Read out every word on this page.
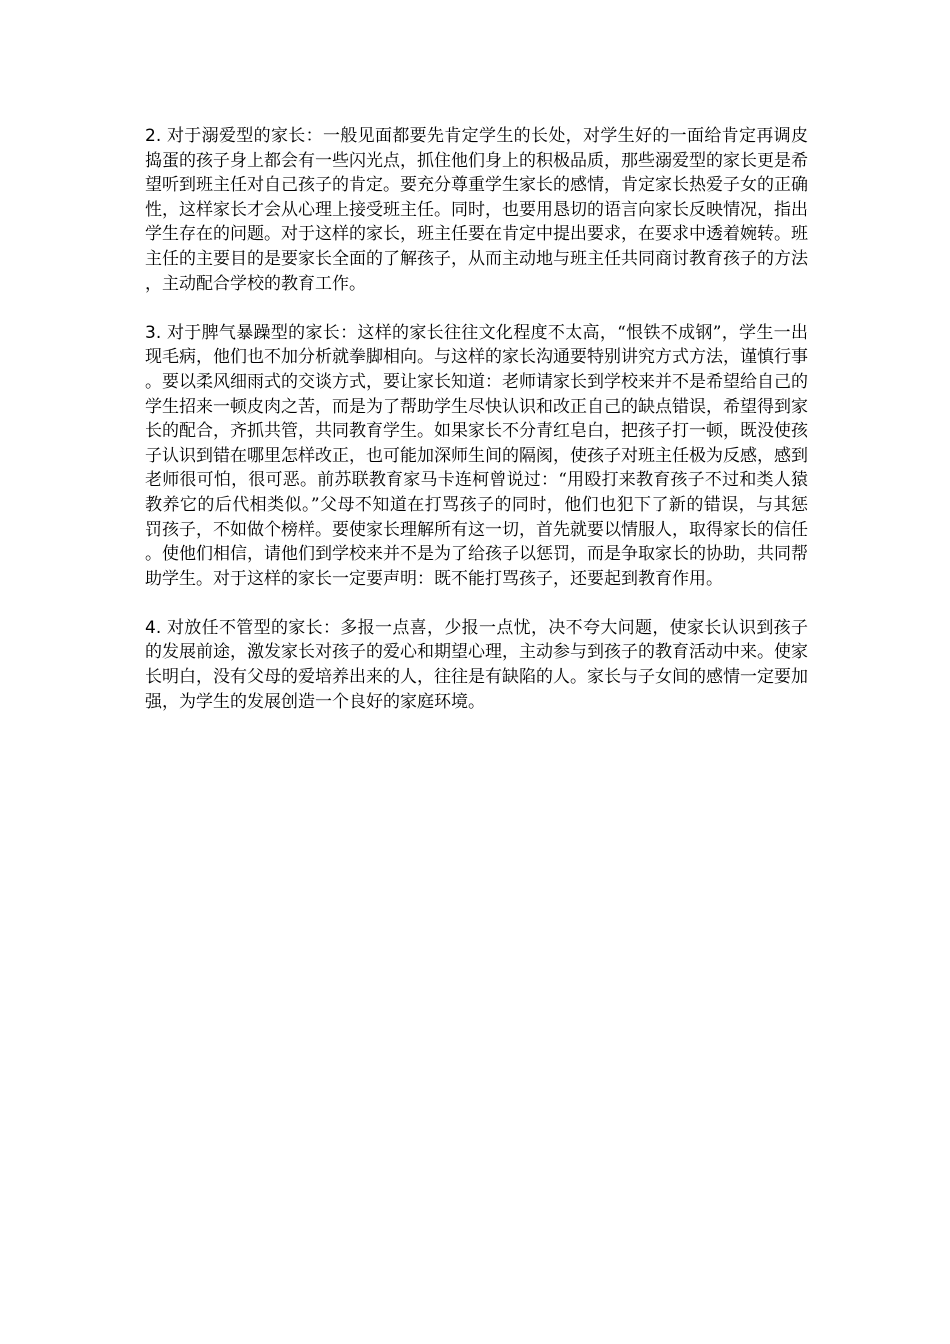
2. 对于溺爱型的家长：一般见面都要先肯定学生的长处，对学生好的一面给肯定再调皮捣蛋的孩子身上都会有一些闪光点，抓住他们身上的积极品质，那些溺爱型的家长更是希望听到班主任对自己孩子的肯定。要充分尊重学生家长的感情，肯定家长热爱子女的正确性，这样家长才会从心理上接受班主任。同时，也要用恳切的语言向家长反映情况，指出学生存在的问题。对于这样的家长，班主任要在肯定中提出要求，在要求中透着婉转。班主任的主要目的是要家长全面的了解孩子，从而主动地与班主任共同商讨教育孩子的方法，主动配合学校的教育工作。

3. 对于脾气暴躁型的家长：这样的家长往往文化程度不太高，“恨铁不成钢”，学生一出现毛病，他们也不加分析就拳脚相向。与这样的家长沟通要特别讲究方式方法，谨慎行事。要以柔风细雨式的交谈方式，要让家长知道：老师请家长到学校来并不是希望给自己的学生招来一顿皮肉之苦，而是为了帮助学生尽快认识和改正自己的缺点错误，希望得到家长的配合，齐抓共管，共同教育学生。如果家长不分青红皂白，把孩子打一顿，既没使孩子认识到错在哪里怎样改正，也可能加深师生间的隔阂，使孩子对班主任极为反感，感到老师很可怕，很可恶。前苏联教育家马卡连柯曾说过：“用殴打来教育孩子不过和类人猿教养它的后代相类似。”父母不知道在打骂孩子的同时，他们也犯下了新的错误，与其惩罚孩子，不如做个榜样。要使家长理解所有这一切，首先就要以情服人，取得家长的信任。使他们相信，请他们到学校来并不是为了给孩子以惩罚，而是争取家长的协助，共同帮助学生。对于这样的家长一定要声明：既不能打骂孩子，还要起到教育作用。

4. 对放任不管型的家长：多报一点喜，少报一点忧，决不夸大问题，使家长认识到孩子的发展前途，激发家长对孩子的爱心和期望心理，主动参与到孩子的教育活动中来。使家长明白，没有父母的爱培养出来的人，往往是有缺陷的人。家长与子女间的感情一定要加强，为学生的发展创造一个良好的家庭环境。
